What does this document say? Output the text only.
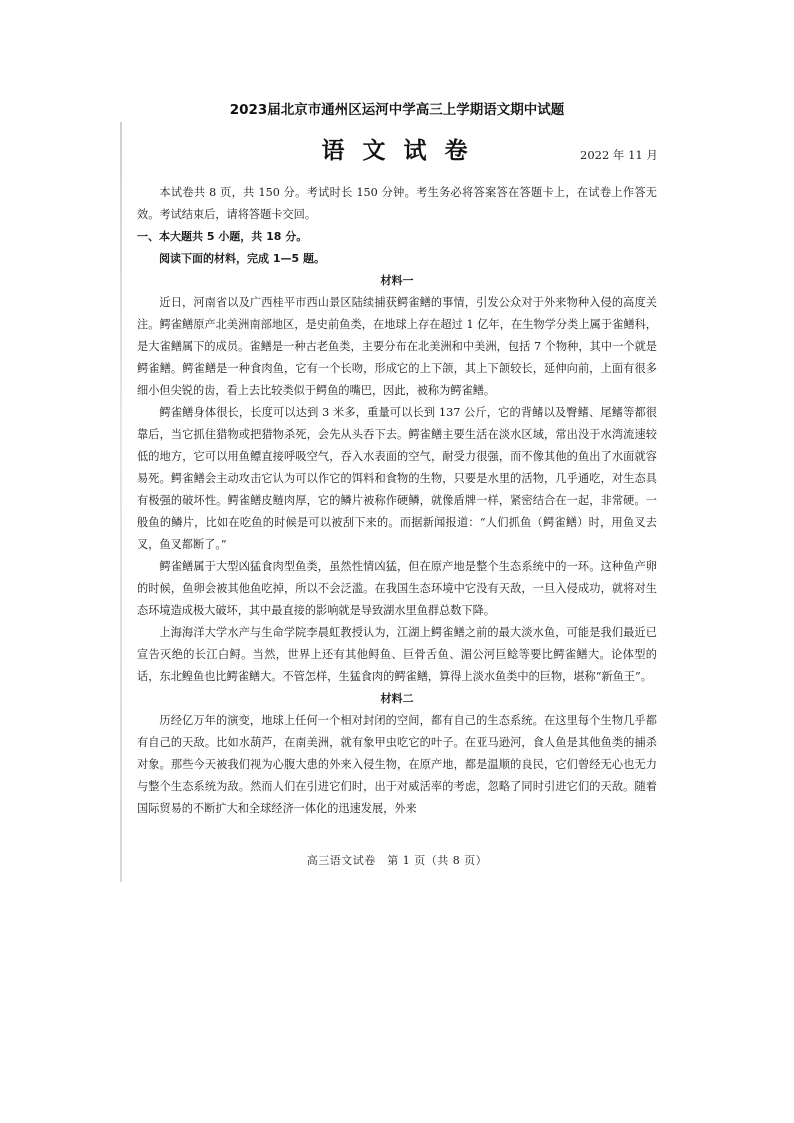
2023届北京市通州区运河中学高三上学期语文期中试题
语 文 试 卷	2022 年 11 月

本试卷共 8 页，共 150 分。考试时长 150 分钟。考生务必将答案答在答题卡上，在试卷上作答无效。考试结束后，请将答题卡交回。

一、本大题共 5 小题，共 18 分。

阅读下面的材料，完成 1—5 题。

材料一

近日，河南省以及广西桂平市西山景区陆续捕获鳄雀鳝的事情，引发公众对于外来物种入侵的高度关注。鳄雀鳝原产北美洲南部地区，是史前鱼类，在地球上存在超过 1 亿年，在生物学分类上属于雀鳝科，是大雀鳝属下的成员。雀鳝是一种古老鱼类，主要分布在北美洲和中美洲，包括 7 个物种，其中一个就是鳄雀鳝。鳄雀鳝是一种食肉鱼，它有一个长吻，形成它的上下颌，其上下颌较长，延伸向前，上面有很多细小但尖锐的齿，看上去比较类似于鳄鱼的嘴巴，因此，被称为鳄雀鳝。

鳄雀鳝身体很长，长度可以达到 3 米多，重量可以长到 137 公斤，它的背鳍以及臀鳍、尾鳍等都很靠后，当它抓住猎物或把猎物杀死，会先从头吞下去。鳄雀鳝主要生活在淡水区域，常出没于水湾流速较低的地方，它可以用鱼鳔直接呼吸空气，吞入水表面的空气，耐受力很强，而不像其他的鱼出了水面就容易死。鳄雀鳝会主动攻击它认为可以作它的饵料和食物的生物，只要是水里的活物，几乎通吃，对生态具有极强的破坏性。鳄雀鳝皮鲢肉厚，它的鳞片被称作硬鳞，就像盾牌一样，紧密结合在一起，非常硬。一般鱼的鳞片，比如在吃鱼的时候是可以被刮下来的。而据新闻报道：“人们抓鱼（鳄雀鳝）时，用鱼叉去叉，鱼叉都断了。”

鳄雀鳝属于大型凶猛食肉型鱼类，虽然性情凶猛，但在原产地是整个生态系统中的一环。这种鱼产卵的时候，鱼卵会被其他鱼吃掉，所以不会泛滥。在我国生态环境中它没有天敌，一旦入侵成功，就将对生态环境造成极大破坏，其中最直接的影响就是导致湖水里鱼群总数下降。

上海海洋大学水产与生命学院李晨虹教授认为，江湖上鳄雀鳝之前的最大淡水鱼，可能是我们最近已宣告灭绝的长江白鲟。当然，世界上还有其他鲟鱼、巨骨舌鱼、湄公河巨鲶等要比鳄雀鳝大。论体型的话，东北鳇鱼也比鳄雀鳝大。不管怎样，生猛食肉的鳄雀鳝，算得上淡水鱼类中的巨物，堪称“新鱼王”。

材料二

历经亿万年的演变，地球上任何一个相对封闭的空间，都有自己的生态系统。在这里每个生物几乎都有自己的天敌。比如水葫芦，在南美洲，就有象甲虫吃它的叶子。在亚马逊河，食人鱼是其他鱼类的捕杀对象。那些今天被我们视为心腹大患的外来入侵生物，在原产地，都是温顺的良民，它们曾经无心也无力与整个生态系统为敌。然而人们在引进它们时，出于对威活率的考虑，忽略了同时引进它们的天敌。随着国际贸易的不断扩大和全球经济一体化的迅速发展，外来

高三语文试卷　第 1 页（共 8 页）
